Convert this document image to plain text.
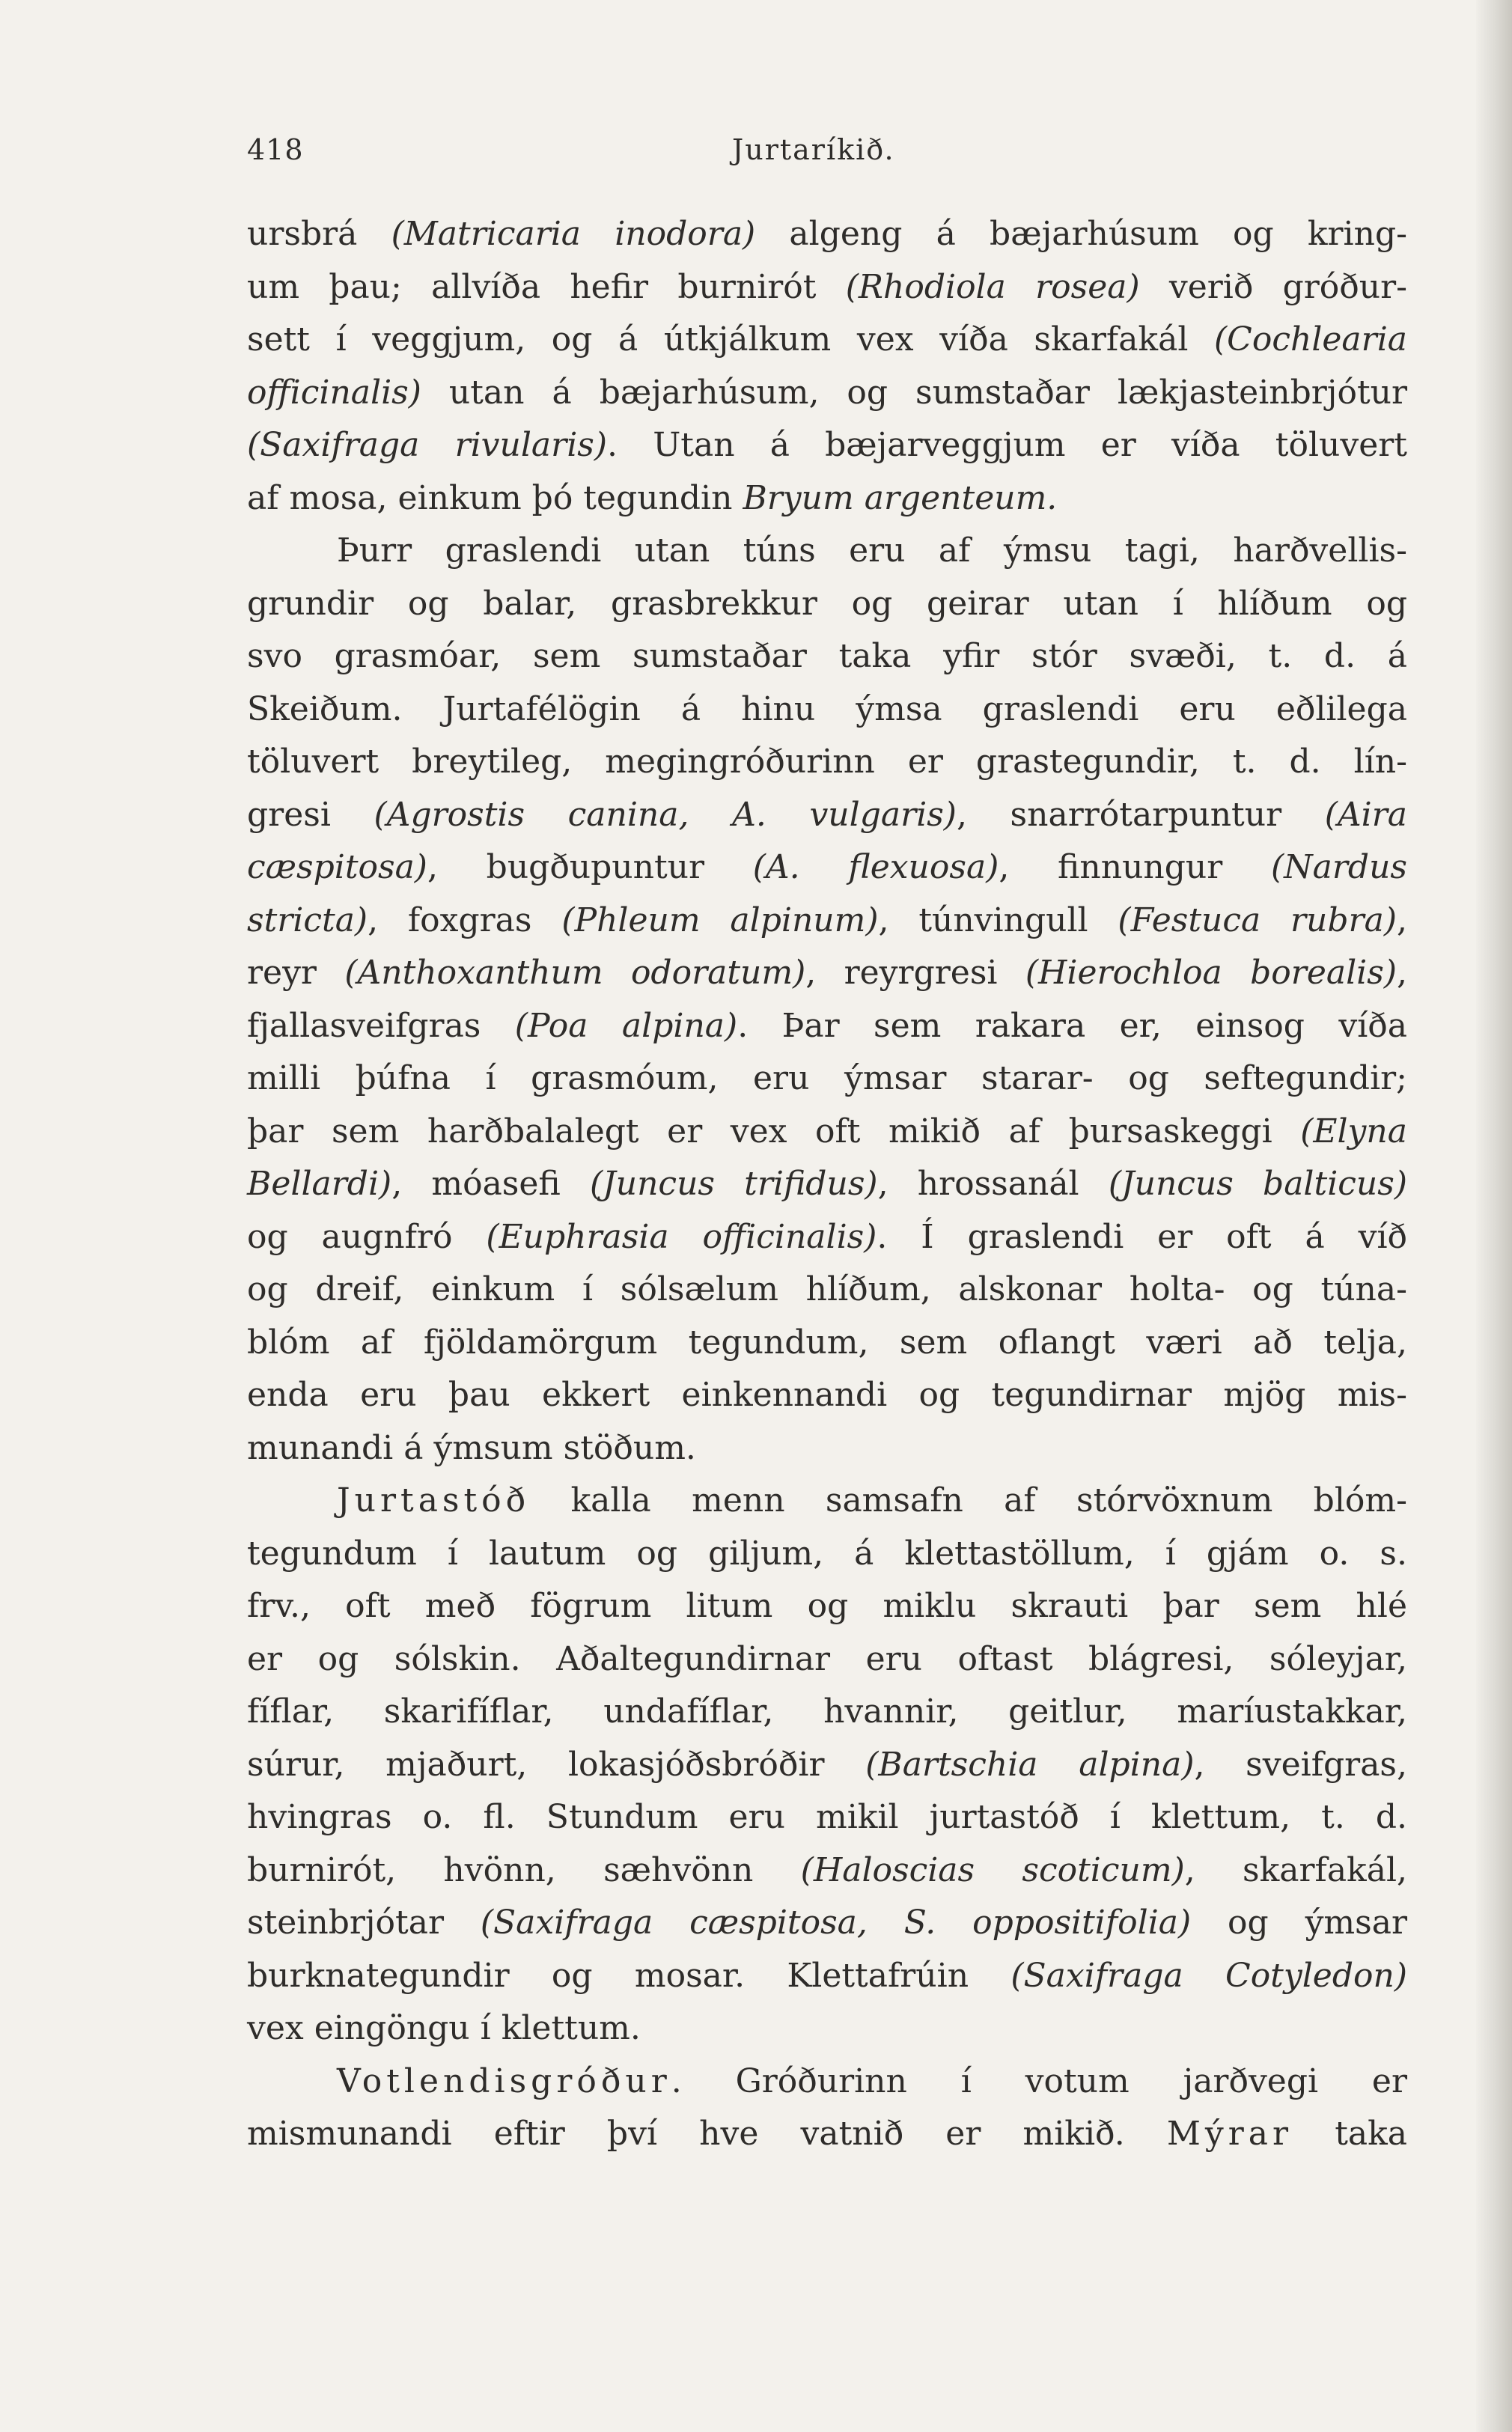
418	Jurtaríkið.
ursbrá (Matricaria inodora) algeng á bæjarhúsum og kring-
um þau; allvíða hefir burnirót (Rhodiola rosea) verið gróður-
sett í veggjum, og á útkjálkum vex víða skarfakál (Cochlearia
officinalis) utan á bæjarhúsum, og sumstaðar lækjasteinbrjótur
(Saxifraga rivularis). Utan á bæjarveggjum er víða töluvert
af mosa, einkum þó tegundin Bryum argenteum.
Þurr graslendi utan túns eru af ýmsu tagi, harðvellis-
grundir og balar, grasbrekkur og geirar utan í hlíðum og
svo grasmóar, sem sumstaðar taka yfir stór svæði, t. d. á
Skeiðum. Jurtafélögin á hinu ýmsa graslendi eru eðlilega
töluvert breytileg, megingróðurinn er grastegundir, t. d. lín-
gresi (Agrostis canina, A. vulgaris), snarrótarpuntur (Aira
cæspitosa), bugðupuntur (A. flexuosa), finnungur (Nardus
stricta), foxgras (Phleum alpinum), túnvingull (Festuca rubra),
reyr (Anthoxanthum odoratum), reyrgresi (Hierochloa borealis),
fjallasveifgras (Poa alpina). Þar sem rakara er, einsog víða
milli þúfna í grasmóum, eru ýmsar starar- og seftegundir;
þar sem harðbalalegt er vex oft mikið af þursaskeggi (Elyna
Bellardi), móasefi (Juncus trifidus), hrossanál (Juncus balticus)
og augnfró (Euphrasia officinalis). Í graslendi er oft á víð
og dreif, einkum í sólsælum hlíðum, alskonar holta- og túna-
blóm af fjöldamörgum tegundum, sem oflangt væri að telja,
enda eru þau ekkert einkennandi og tegundirnar mjög mis-
munandi á ýmsum stöðum.
Jurtastóð kalla menn samsafn af stórvöxnum blóm-
tegundum í lautum og giljum, á klettastöllum, í gjám o. s.
frv., oft með fögrum litum og miklu skrauti þar sem hlé
er og sólskin. Aðaltegundirnar eru oftast blágresi, sóleyjar,
fíflar, skarifíflar, undafíflar, hvannir, geitlur, maríustakkar,
súrur, mjaðurt, lokasjóðsbróðir (Bartschia alpina), sveifgras,
hvingras o. fl. Stundum eru mikil jurtastóð í klettum, t. d.
burnirót, hvönn, sæhvönn (Haloscias scoticum), skarfakál,
steinbrjótar (Saxifraga cæspitosa, S. oppositifolia) og ýmsar
burknategundir og mosar. Klettafrúin (Saxifraga Cotyledon)
vex eingöngu í klettum.
Votlendisgróður. Gróðurinn í votum jarðvegi er
mismunandi eftir því hve vatnið er mikið. Mýrar taka
